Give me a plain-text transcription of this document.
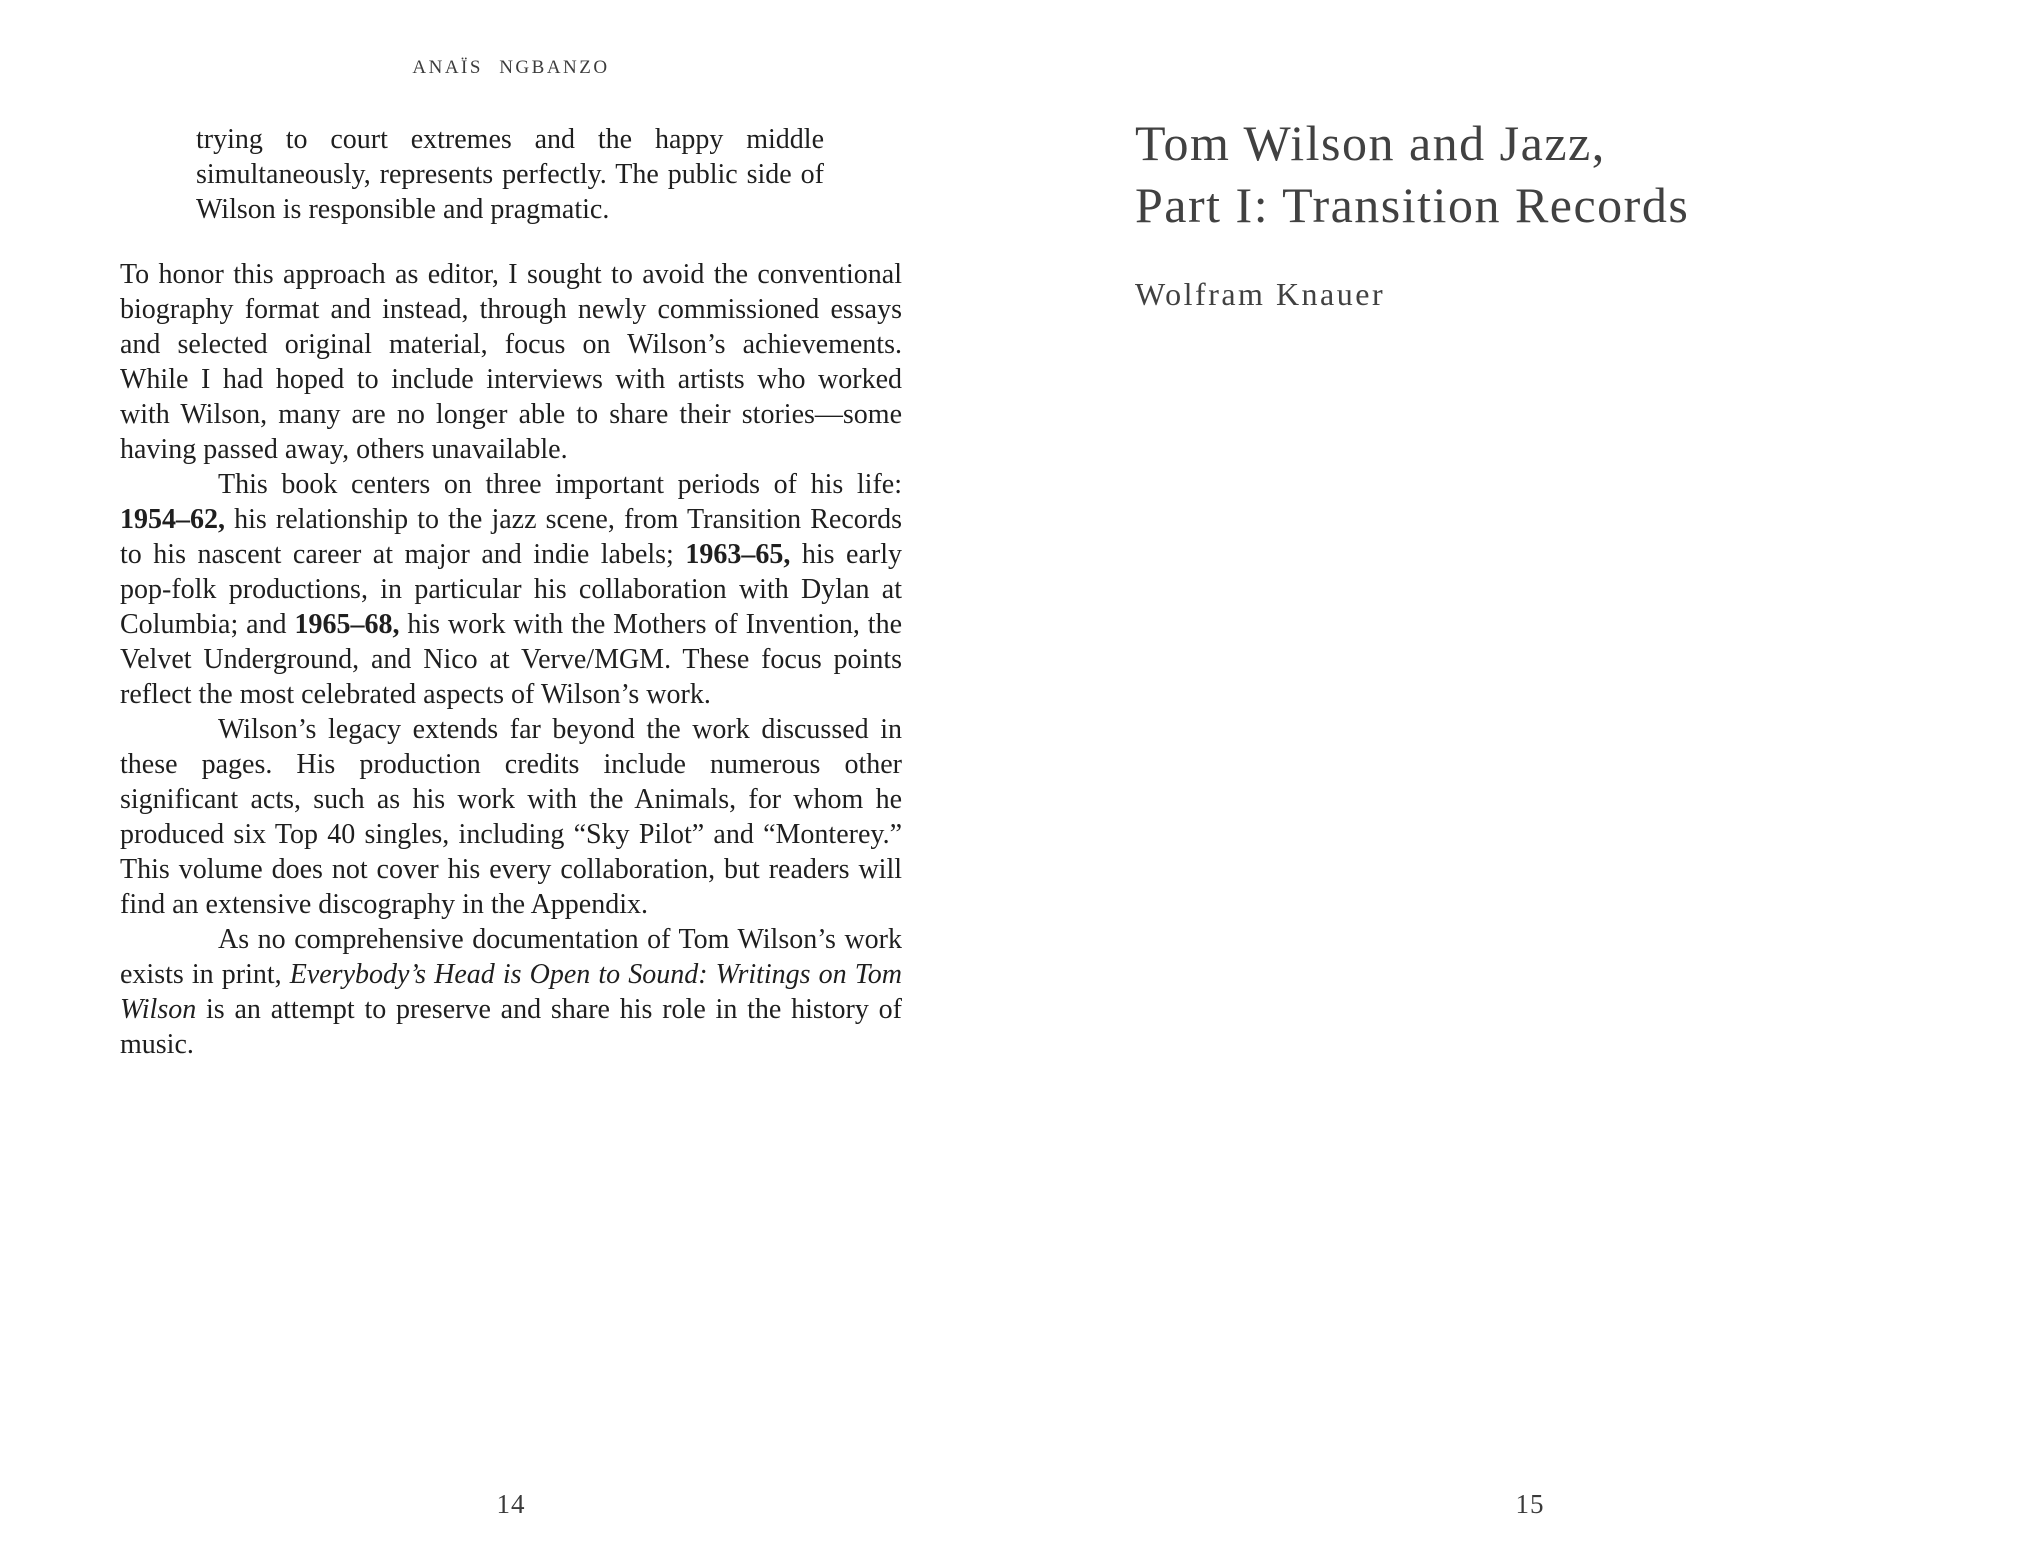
ANAÏS NGBANZO
trying to court extremes and the happy middle simultaneously, represents perfectly. The public side of Wilson is responsible and pragmatic.

To honor this approach as editor, I sought to avoid the conventional biography format and instead, through newly commissioned essays and selected original material, focus on Wilson’s achievements. While I had hoped to include interviews with artists who worked with Wilson, many are no longer able to share their stories—some having passed away, others unavailable.

This book centers on three important periods of his life: 1954–62, his relationship to the jazz scene, from Transition Records to his nascent career at major and indie labels; 1963–65, his early pop-folk productions, in particular his collaboration with Dylan at Columbia; and 1965–68, his work with the Mothers of Invention, the Velvet Underground, and Nico at Verve/MGM. These focus points reflect the most celebrated aspects of Wilson’s work.

Wilson’s legacy extends far beyond the work discussed in these pages. His production credits include numerous other significant acts, such as his work with the Animals, for whom he produced six Top 40 singles, including “Sky Pilot” and “Monterey.” This volume does not cover his every collaboration, but readers will find an extensive discography in the Appendix.

As no comprehensive documentation of Tom Wilson’s work exists in print, Everybody’s Head is Open to Sound: Writings on Tom Wilson is an attempt to preserve and share his role in the history of music.

14
Tom Wilson and Jazz,
Part I: Transition Records
Wolfram Knauer
15
